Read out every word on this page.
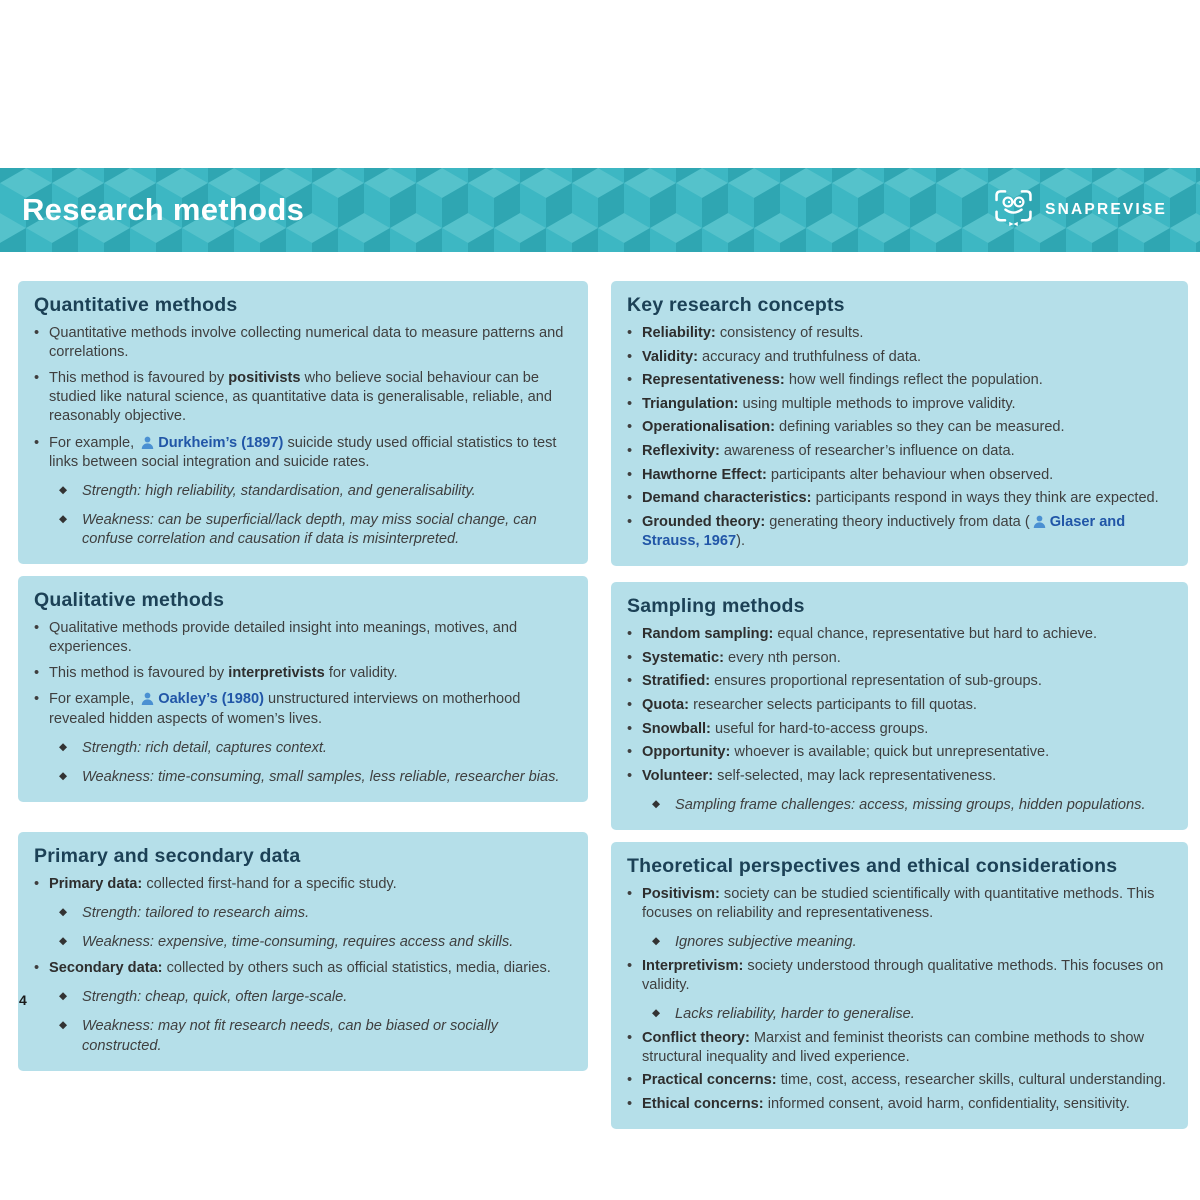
Research methods	SNAPREVISE
Quantitative methods
• Quantitative methods involve collecting numerical data to measure patterns and correlations.
• This method is favoured by positivists who believe social behaviour can be studied like natural science, as quantitative data is generalisable, reliable, and reasonably objective.
• For example, Durkheim’s (1897) suicide study used official statistics to test links between social integration and suicide rates.
◆	Strength: high reliability, standardisation, and generalisability.
◆	Weakness: can be superficial/lack depth, may miss social change, can confuse correlation and causation if data is misinterpreted.
Qualitative methods
• Qualitative methods provide detailed insight into meanings, motives, and experiences.
• This method is favoured by interpretivists for validity.
• For example, Oakley’s (1980) unstructured interviews on motherhood revealed hidden aspects of women’s lives.
◆	Strength: rich detail, captures context.
◆	Weakness: time-consuming, small samples, less reliable, researcher bias.
Primary and secondary data
• Primary data: collected first-hand for a specific study.
◆	Strength: tailored to research aims.
◆	Weakness: expensive, time-consuming, requires access and skills.
• Secondary data: collected by others such as official statistics, media, diaries.
◆	Strength: cheap, quick, often large-scale.
◆	Weakness: may not fit research needs, can be biased or socially constructed.
Key research concepts
• Reliability: consistency of results.
• Validity: accuracy and truthfulness of data.
• Representativeness: how well findings reflect the population.
• Triangulation: using multiple methods to improve validity.
• Operationalisation: defining variables so they can be measured.
• Reflexivity: awareness of researcher’s influence on data.
• Hawthorne Effect: participants alter behaviour when observed.
• Demand characteristics: participants respond in ways they think are expected.
• Grounded theory: generating theory inductively from data ( Glaser and Strauss, 1967).
Sampling methods
• Random sampling: equal chance, representative but hard to achieve.
• Systematic: every nth person.
• Stratified: ensures proportional representation of sub-groups.
• Quota: researcher selects participants to fill quotas.
• Snowball: useful for hard-to-access groups.
• Opportunity: whoever is available; quick but unrepresentative.
• Volunteer: self-selected, may lack representativeness.
◆	Sampling frame challenges: access, missing groups, hidden populations.
Theoretical perspectives and ethical considerations
• Positivism: society can be studied scientifically with quantitative methods. This focuses on reliability and representativeness.
◆	Ignores subjective meaning.
• Interpretivism: society understood through qualitative methods. This focuses on validity.
◆	Lacks reliability, harder to generalise.
• Conflict theory: Marxist and feminist theorists can combine methods to show structural inequality and lived experience.
• Practical concerns: time, cost, access, researcher skills, cultural understanding.
• Ethical concerns: informed consent, avoid harm, confidentiality, sensitivity.
4
